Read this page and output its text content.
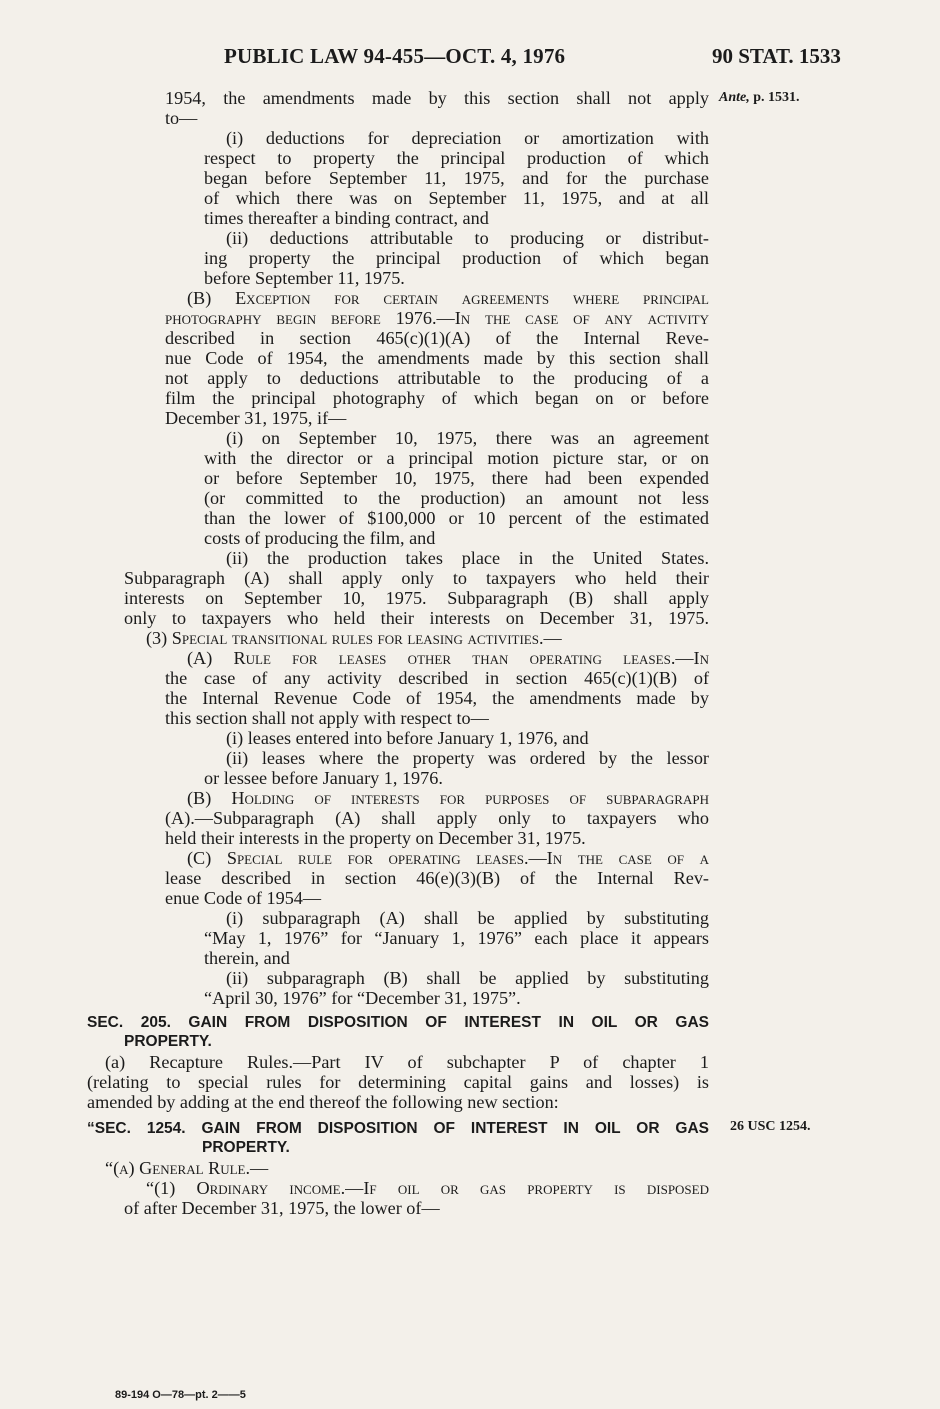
PUBLIC LAW 94-455—OCT. 4, 1976	90 STAT. 1533
Ante, p. 1531.
26 USC 1254.
1954, the amendments made by this section shall not apply
to—
(i) deductions for depreciation or amortization with
respect to property the principal production of which
began before September 11, 1975, and for the purchase
of which there was on September 11, 1975, and at all
times thereafter a binding contract, and
(ii) deductions attributable to producing or distribut-
ing property the principal production of which began
before September 11, 1975.
(B) Exception for certain agreements where principal
photography begin before 1976.—In the case of any activity
described in section 465(c)(1)(A) of the Internal Reve-
nue Code of 1954, the amendments made by this section shall
not apply to deductions attributable to the producing of a
film the principal photography of which began on or before
December 31, 1975, if—
(i) on September 10, 1975, there was an agreement
with the director or a principal motion picture star, or on
or before September 10, 1975, there had been expended
(or committed to the production) an amount not less
than the lower of $100,000 or 10 percent of the estimated
costs of producing the film, and
(ii) the production takes place in the United States.
Subparagraph (A) shall apply only to taxpayers who held their
interests on September 10, 1975. Subparagraph (B) shall apply
only to taxpayers who held their interests on December 31, 1975.
(3) Special transitional rules for leasing activities.—
(A) Rule for leases other than operating leases.—In
the case of any activity described in section 465(c)(1)(B) of
the Internal Revenue Code of 1954, the amendments made by
this section shall not apply with respect to—
(i) leases entered into before January 1, 1976, and
(ii) leases where the property was ordered by the lessor
or lessee before January 1, 1976.
(B) Holding of interests for purposes of subparagraph
(A).—Subparagraph (A) shall apply only to taxpayers who
held their interests in the property on December 31, 1975.
(C) Special rule for operating leases.—In the case of a
lease described in section 46(e)(3)(B) of the Internal Rev-
enue Code of 1954—
(i) subparagraph (A) shall be applied by substituting
“May 1, 1976” for “January 1, 1976” each place it appears
therein, and
(ii) subparagraph (B) shall be applied by substituting
“April 30, 1976” for “December 31, 1975”.
SEC. 205. GAIN FROM DISPOSITION OF INTEREST IN OIL OR GAS
PROPERTY.
(a) Recapture Rules.—Part IV of subchapter P of chapter 1
(relating to special rules for determining capital gains and losses) is
amended by adding at the end thereof the following new section:
“SEC. 1254. GAIN FROM DISPOSITION OF INTEREST IN OIL OR GAS
PROPERTY.
“(a) General Rule.—
“(1) Ordinary income.—If oil or gas property is disposed
of after December 31, 1975, the lower of—
89-194 O—78—pt. 2——5
